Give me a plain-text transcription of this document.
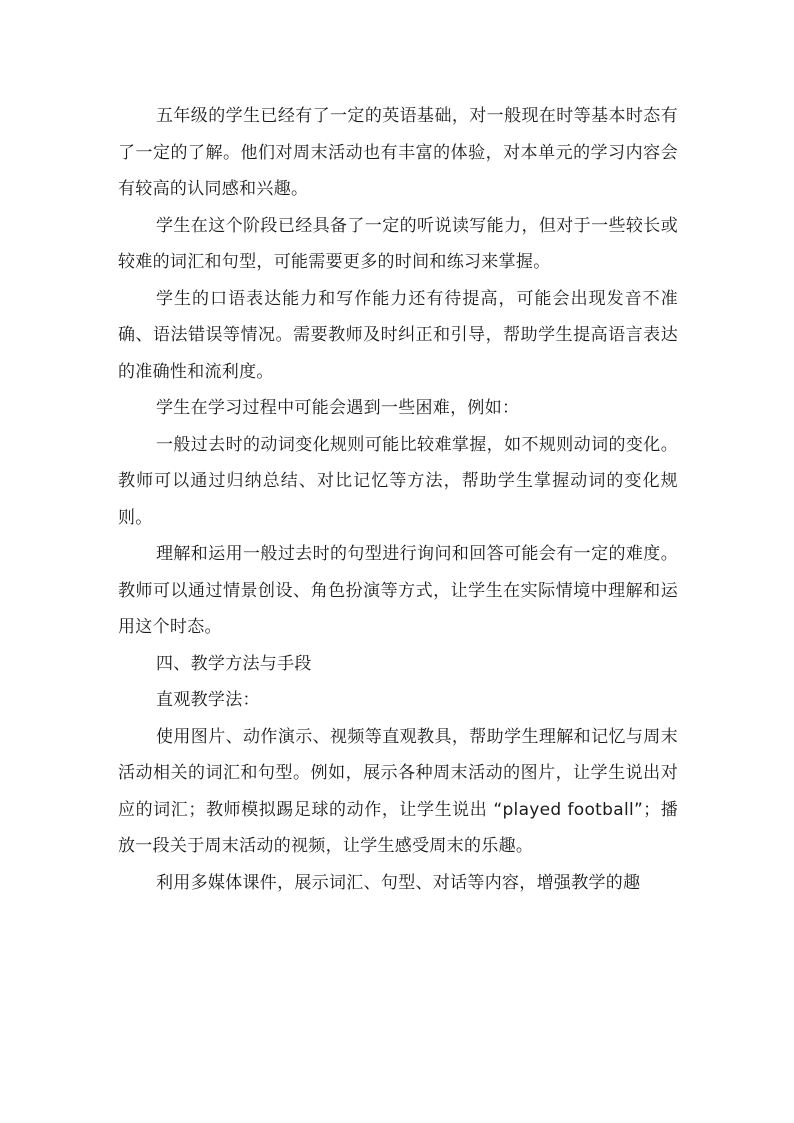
五年级的学生已经有了一定的英语基础，对一般现在时等基本时态有了一定的了解。他们对周末活动也有丰富的体验，对本单元的学习内容会有较高的认同感和兴趣。

学生在这个阶段已经具备了一定的听说读写能力，但对于一些较长或较难的词汇和句型，可能需要更多的时间和练习来掌握。

学生的口语表达能力和写作能力还有待提高，可能会出现发音不准确、语法错误等情况。需要教师及时纠正和引导，帮助学生提高语言表达的准确性和流利度。

学生在学习过程中可能会遇到一些困难，例如：

一般过去时的动词变化规则可能比较难掌握，如不规则动词的变化。教师可以通过归纳总结、对比记忆等方法，帮助学生掌握动词的变化规则。

理解和运用一般过去时的句型进行询问和回答可能会有一定的难度。教师可以通过情景创设、角色扮演等方式，让学生在实际情境中理解和运用这个时态。

四、教学方法与手段

直观教学法：

使用图片、动作演示、视频等直观教具，帮助学生理解和记忆与周末活动相关的词汇和句型。例如，展示各种周末活动的图片，让学生说出对应的词汇；教师模拟踢足球的动作，让学生说出 “played football”；播放一段关于周末活动的视频，让学生感受周末的乐趣。

利用多媒体课件，展示词汇、句型、对话等内容，增强教学的趣
